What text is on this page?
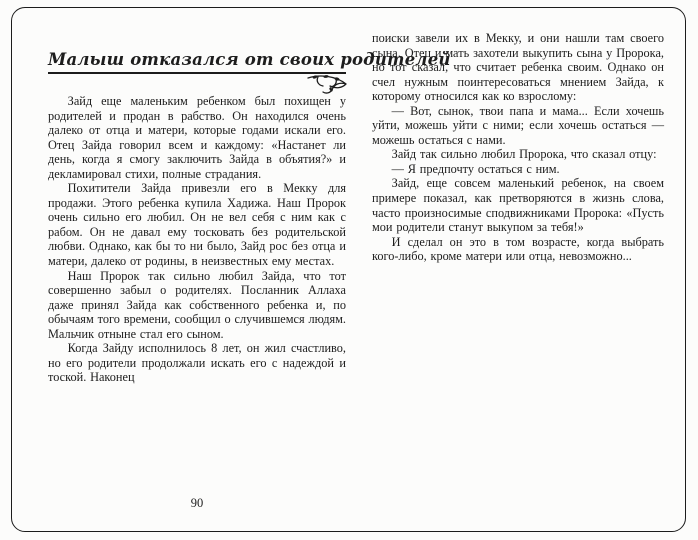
Малыш отказался от своих родителей

Зайд еще маленьким ребенком был похищен у родителей и продан в рабство. Он находился очень далеко от отца и матери, которые годами искали его. Отец Зайда говорил всем и каждому: «Настанет ли день, когда я смогу заключить Зайда в объятия?» и декламировал стихи, полные страдания.

Похитители Зайда привезли его в Мекку для продажи. Этого ребенка купила Хадижа. Наш Пророк очень сильно его любил. Он не вел себя с ним как с рабом. Он не давал ему тосковать без родительской любви. Однако, как бы то ни было, Зайд рос без отца и матери, далеко от родины, в неизвестных ему местах.

Наш Пророк так сильно любил Зайда, что тот совершенно забыл о родителях. Посланник Аллаха даже принял Зайда как собственного ребенка и, по обычаям того времени, сообщил о случившемся людям. Мальчик отныне стал его сыном.

Когда Зайду исполнилось 8 лет, он жил счастливо, но его родители продолжали искать его с надеждой и тоской. Наконец

поиски завели их в Мекку, и они нашли там своего сына. Отец и мать захотели выкупить сына у Пророка, но тот сказал, что считает ребенка своим. Однако он счел нужным поинтересоваться мнением Зайда, к которому относился как ко взрослому:

— Вот, сынок, твои папа и мама... Если хочешь уйти, можешь уйти с ними; если хочешь остаться — можешь остаться с нами.

Зайд так сильно любил Пророка, что сказал отцу:

— Я предпочту остаться с ним.

Зайд, еще совсем маленький ребенок, на своем примере показал, как претворяются в жизнь слова, часто произносимые сподвижниками Пророка: «Пусть мои родители станут выкупом за тебя!»

И сделал он это в том возрасте, когда выбрать кого-либо, кроме матери или отца, невозможно...

90
